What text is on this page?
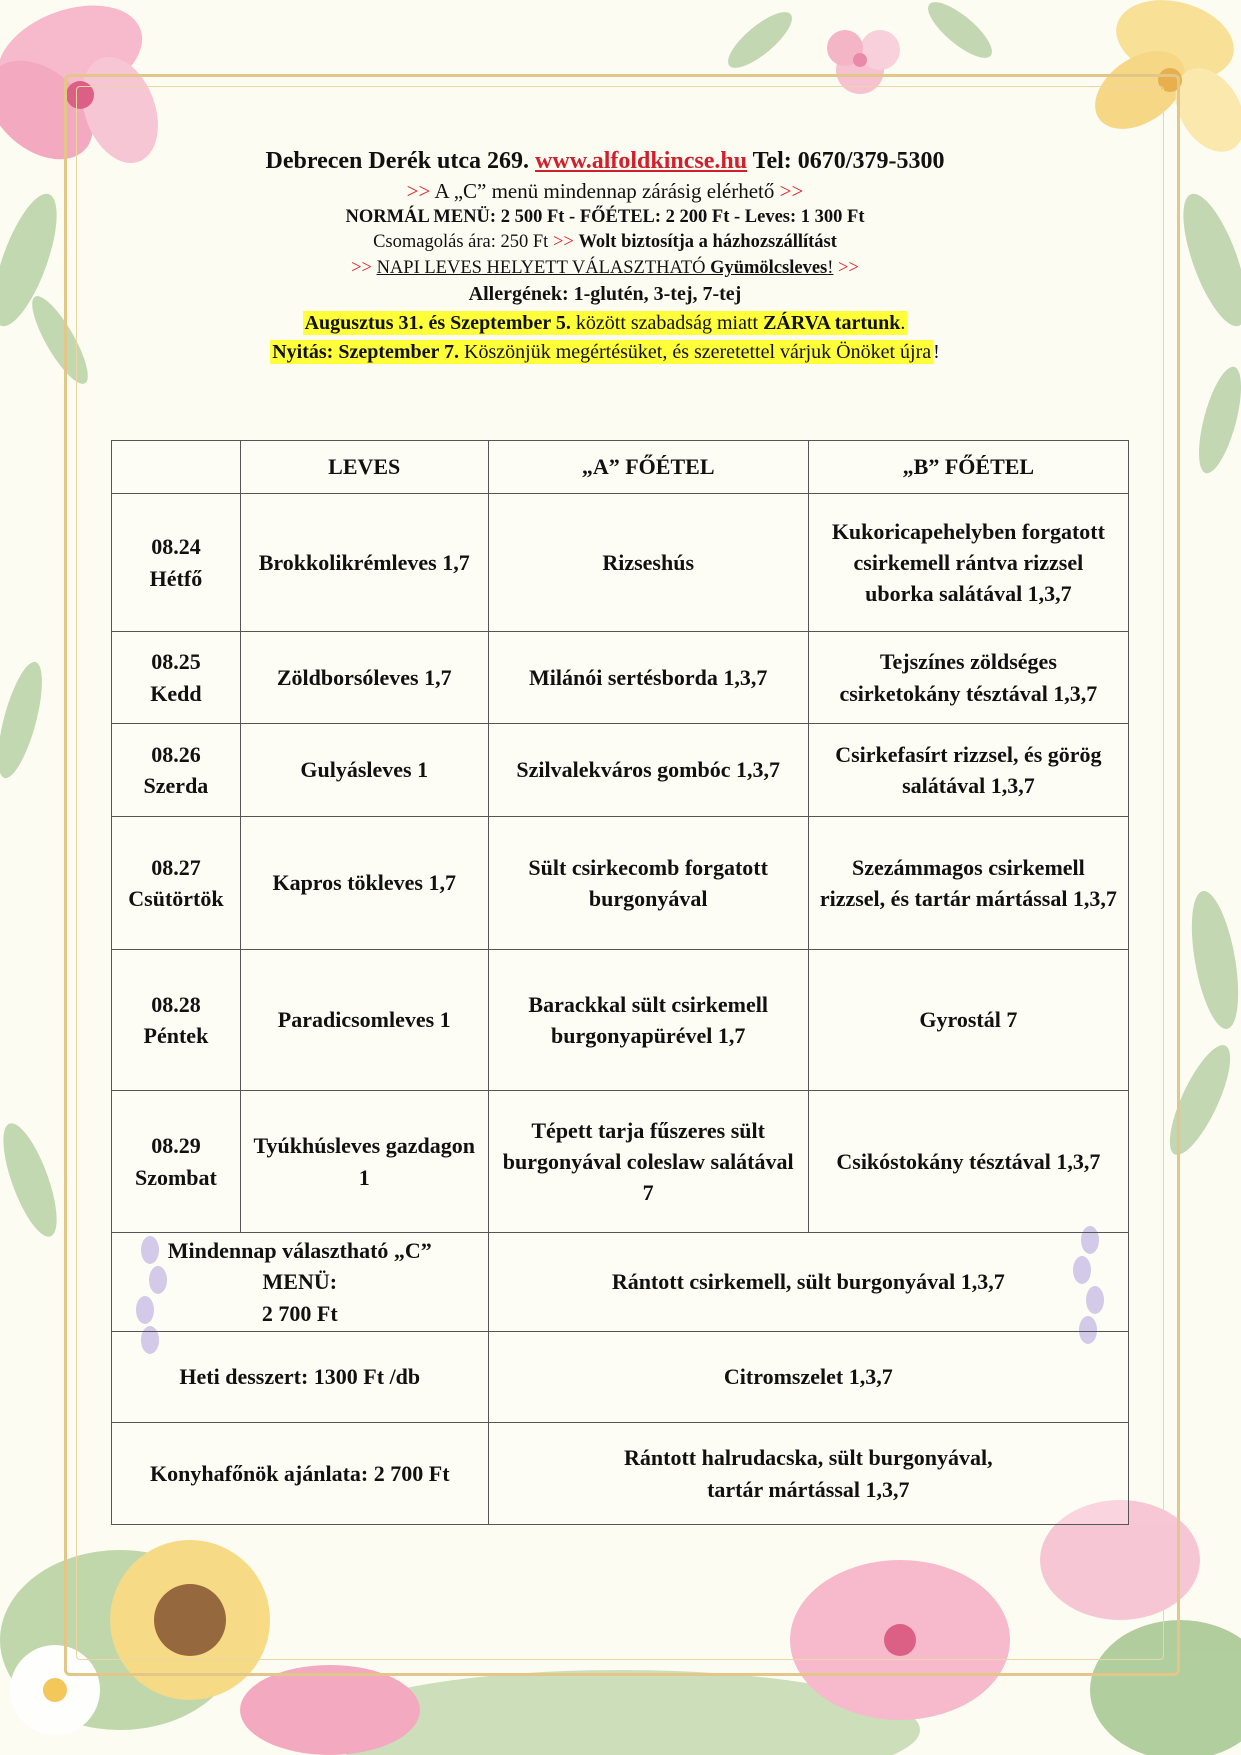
Debrecen Derék utca 269. www.alfoldkincse.hu Tel: 0670/379-5300
>> A „C” menü mindennap zárásig elérhető >>
NORMÁL MENÜ: 2 500 Ft - FŐÉTEL: 2 200 Ft - Leves: 1 300 Ft
Csomagolás ára: 250 Ft >> Wolt biztosítja a házhozszállítást
>> NAPI LEVES HELYETT VÁLASZTHATÓ Gyümölcsleves! >>
Allergének: 1-glutén, 3-tej, 7-tej
Augusztus 31. és Szeptember 5. között szabadság miatt ZÁRVA tartunk.
Nyitás: Szeptember 7. Köszönjük megértésüket, és szeretettel várjuk Önöket újra !
	LEVES	„A” FŐÉTEL	„B” FŐÉTEL

08.24
Hétfő	Brokkolikrémleves 1,7	Rizseshús	Kukoricapehelyben forgatott csirkemell rántva rizzsel uborka salátával 1,3,7

08.25
Kedd	Zöldborsóleves 1,7	Milánói sertésborda 1,3,7	Tejszínes zöldséges csirketokány tésztával 1,3,7

08.26
Szerda	Gulyásleves 1	Szilvalekváros gombóc 1,3,7	Csirkefasírt rizzsel, és görög salátával 1,3,7

08.27
Csütörtök	Kapros tökleves 1,7	Sült csirkecomb forgatott burgonyával	Szezámmagos csirkemell rizzsel, és tartár mártással 1,3,7

08.28
Péntek	Paradicsomleves 1	Barackkal sült csirkemell burgonyapürével 1,7	Gyrostál 7

08.29
Szombat	Tyúkhúsleves gazdagon 1	Tépett tarja fűszeres sült burgonyával coleslaw salátával 7	Csikóstokány tésztával 1,3,7

Mindennap választható „C”
MENÜ:
2 700 Ft		Rántott csirkemell, sült burgonyával 1,3,7	
Heti desszert: 1300 Ft /db		Citromszelet 1,3,7	
Konyhafőnök ajánlata: 2 700 Ft		Rántott halrudacska, sült burgonyával,
tartár mártással 1,3,7	
